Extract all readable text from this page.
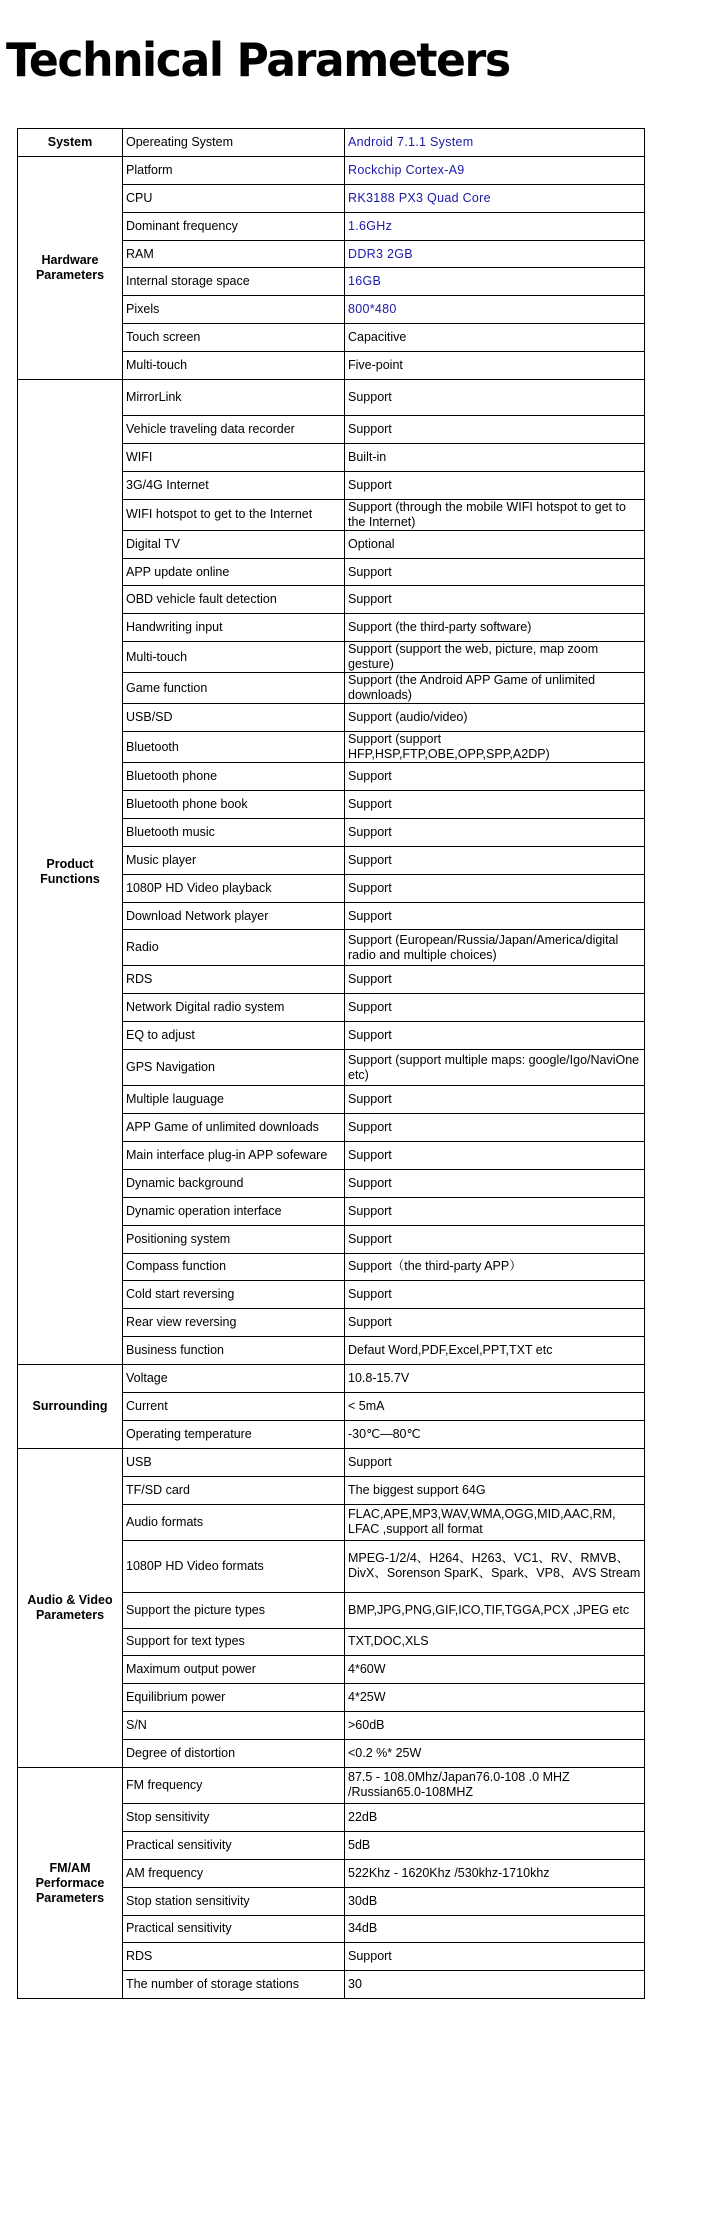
Technical Parameters
System	Opereating System	Android 7.1.1 System
Hardware Parameters	Platform	Rockchip Cortex-A9
	CPU	RK3188 PX3 Quad Core
	Dominant frequency	1.6GHz
	RAM	DDR3 2GB
	Internal storage space	16GB
	Pixels	800*480
	Touch screen	Capacitive
	Multi-touch	Five-point
Product Functions	MirrorLink	Support
	Vehicle traveling data recorder	Support
	WIFI	Built-in
	3G/4G Internet	Support
	WIFI hotspot to get to the Internet	Support (through the mobile WIFI hotspot to get to the Internet)
	Digital TV	Optional
	APP update online	Support
	OBD vehicle fault detection	Support
	Handwriting input	Support (the third-party software)
	Multi-touch	Support (support the web, picture, map zoom gesture)
	Game function	Support (the Android APP Game of unlimited downloads)
	USB/SD	Support (audio/video)
	Bluetooth	Support (support HFP,HSP,FTP,OBE,OPP,SPP,A2DP)
	Bluetooth phone	Support
	Bluetooth phone book	Support
	Bluetooth music	Support
	Music player	Support
	1080P HD Video playback	Support
	Download Network player	Support
	Radio	Support (European/Russia/Japan/America/digital radio and multiple choices)
	RDS	Support
	Network Digital radio system	Support
	EQ to adjust	Support
	GPS Navigation	Support (support multiple maps: google/Igo/NaviOne etc)
	Multiple lauguage	Support
	APP Game of unlimited downloads	Support
	Main interface plug-in APP sofeware	Support
	Dynamic background	Support
	Dynamic operation interface	Support
	Positioning system	Support
	Compass function	Support（the third-party APP）
	Cold start reversing	Support
	Rear view reversing	Support
	Business function	Defaut Word,PDF,Excel,PPT,TXT etc
Surrounding	Voltage	10.8-15.7V
	Current	< 5mA
	Operating temperature	-30℃—80℃
Audio & Video Parameters	USB	Support
	TF/SD card	The biggest support 64G
	Audio formats	FLAC,APE,MP3,WAV,WMA,OGG,MID,AAC,RM, LFAC ,support all format
	1080P HD Video formats	MPEG-1/2/4、H264、H263、VC1、RV、RMVB、DivX、Sorenson SparK、Spark、VP8、AVS Stream
	Support the picture types	BMP,JPG,PNG,GIF,ICO,TIF,TGGA,PCX ,JPEG etc
	Support for text types	TXT,DOC,XLS
	Maximum output power	4*60W
	Equilibrium power	4*25W
	S/N	>60dB
	Degree of distortion	<0.2 %* 25W
FM/AM Performace Parameters	FM frequency	87.5 - 108.0Mhz/Japan76.0-108 .0 MHZ /Russian65.0-108MHZ
	Stop sensitivity	22dB
	Practical sensitivity	5dB
	AM frequency	522Khz - 1620Khz /530khz-1710khz
	Stop station sensitivity	30dB
	Practical sensitivity	34dB
	RDS	Support
	The number of storage stations	30
